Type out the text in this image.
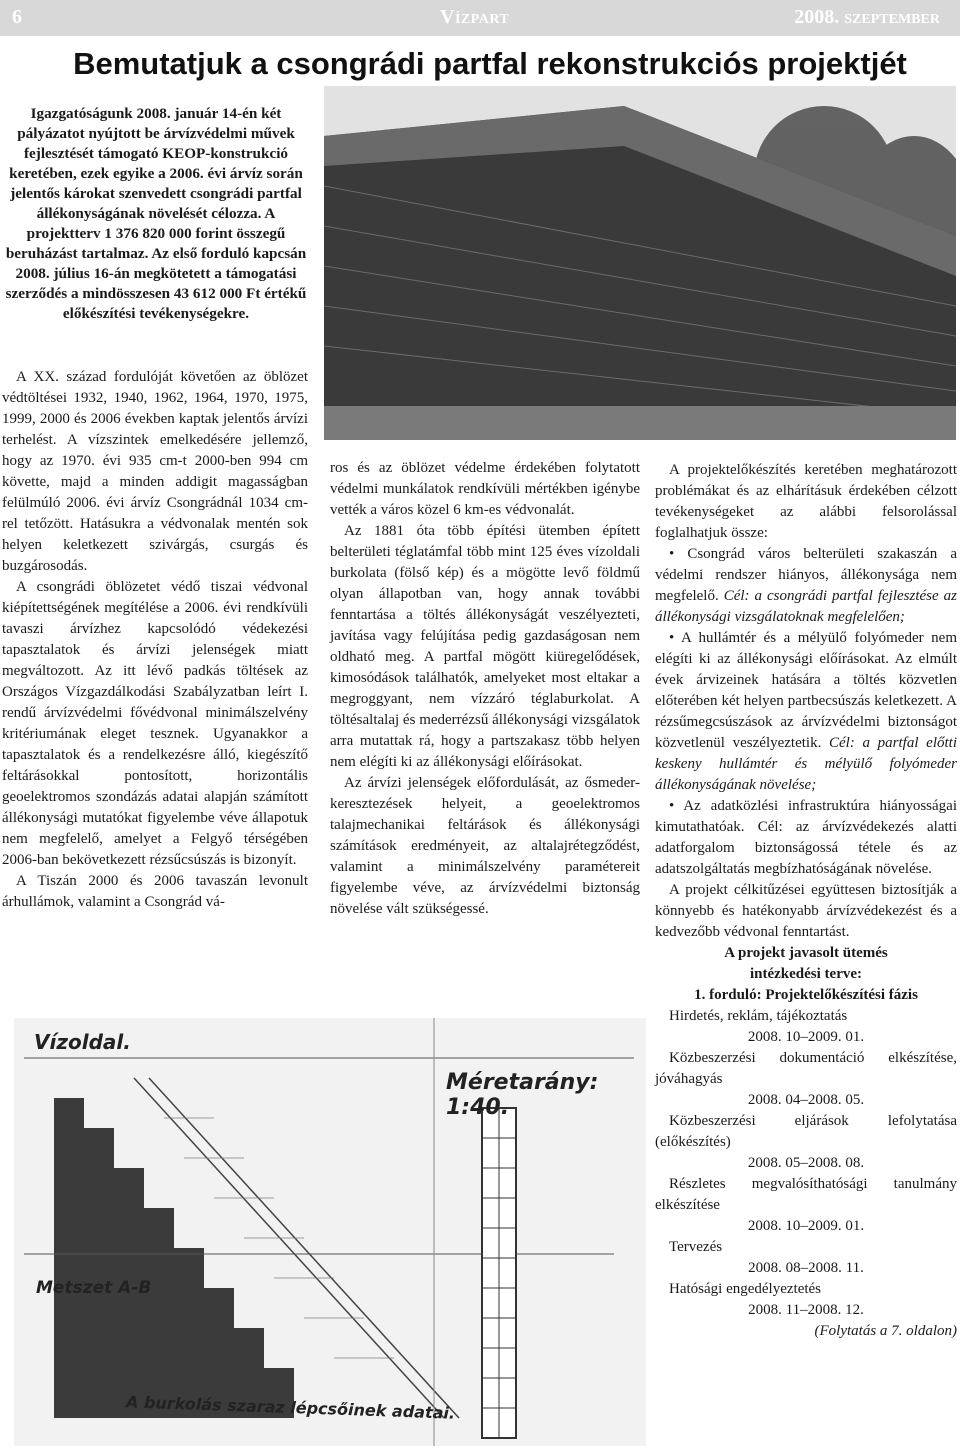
6	Vízpart	2008. szeptember
Bemutatjuk a csongrádi partfal rekonstrukciós projektjét

Igazgatóságunk 2008. január 14-én két pályázatot nyújtott be árvízvédelmi művek fejlesztését támogató KEOP-konstrukció keretében, ezek egyike a 2006. évi árvíz során jelentős károkat szenvedett csongrádi partfal állékonyságának növelését célozza. A projektterv 1 376 820 000 forint összegű beruházást tartalmaz. Az első forduló kapcsán 2008. július 16-án megkötetett a támogatási szerződés a mindösszesen 43 612 000 Ft értékű előkészítési tevékenységekre.

A XX. század fordulóját követően az öblözet védtöltései 1932, 1940, 1962, 1964, 1970, 1975, 1999, 2000 és 2006 években kaptak jelentős árvízi terhelést. A vízszintek emelkedésére jellemző, hogy az 1970. évi 935 cm-t 2000-ben 994 cm követte, majd a minden addigit magasságban felülmúló 2006. évi árvíz Csongrádnál 1034 cm-rel tetőzött. Hatásukra a védvonalak mentén sok helyen keletkezett szivárgás, csurgás és buzgárosodás.

A csongrádi öblözetet védő tiszai védvonal kiépítettségének megítélése a 2006. évi rendkívüli tavaszi árvízhez kapcsolódó védekezési tapasztalatok és árvízi jelenségek miatt megváltozott. Az itt lévő padkás töltések az Országos Vízgazdálkodási Szabályzatban leírt I. rendű árvízvédelmi fővédvonal minimálszelvény kritériumának eleget tesznek. Ugyanakkor a tapasztalatok és a rendelkezésre álló, kiegészítő feltárásokkal pontosított, horizontális geoelektromos szondázás adatai alapján számított állékonysági mutatókat figyelembe véve állapotuk nem megfelelő, amelyet a Felgyő térségében 2006-ban bekövetkezett rézsűcsúszás is bizonyít.

A Tiszán 2000 és 2006 tavaszán levonult árhullámok, valamint a Csongrád vá-

ros és az öblözet védelme érdekében folytatott védelmi munkálatok rendkívüli mértékben igénybe vették a város közel 6 km-es védvonalát.

Az 1881 óta több építési ütemben épített belterületi téglatámfal több mint 125 éves vízoldali burkolata (fölső kép) és a mögötte levő földmű olyan állapotban van, hogy annak további fenntartása a töltés állékonyságát veszélyezteti, javítása vagy felújítása pedig gazdaságosan nem oldható meg. A partfal mögött kiüregelődések, kimosódások találhatók, amelyeket most eltakar a megroggyant, nem vízzáró téglaburkolat. A töltésaltalaj és mederrézsű állékonysági vizsgálatok arra mutattak rá, hogy a partszakasz több helyen nem elégíti ki az állékonysági előírásokat.

Az árvízi jelenségek előfordulását, az ősmeder-keresztezések helyeit, a geoelektromos talajmechanikai feltárások és állékonysági számítások eredményeit, az altalajrétegződést, valamint a minimálszelvény paramétereit figyelembe véve, az árvízvédelmi biztonság növelése vált szükségessé.

A projektelőkészítés keretében meghatározott problémákat és az elhárításuk érdekében célzott tevékenységeket az alábbi felsorolással foglalhatjuk össze:

• Csongrád város belterületi szakaszán a védelmi rendszer hiányos, állékonysága nem megfelelő. Cél: a csongrádi partfal fejlesztése az állékonysági vizsgálatoknak megfelelően;

• A hullámtér és a mélyülő folyómeder nem elégíti ki az állékonysági előírásokat. Az elmúlt évek árvizeinek hatására a töltés közvetlen előterében két helyen partbecsúszás keletkezett. A rézsűmegcsúszások az árvízvédelmi biztonságot közvetlenül veszélyeztetik. Cél: a partfal előtti keskeny hullámtér és mélyülő folyómeder állékonyságának növelése;

• Az adatközlési infrastruktúra hiányosságai kimutathatóak. Cél: az árvízvédekezés alatti adatforgalom biztonságossá tétele és az adatszolgáltatás megbízhatóságának növelése.

A projekt célkitűzései együttesen biztosítják a könnyebb és hatékonyabb árvízvédekezést és a kedvezőbb védvonal fenntartást.

A projekt javasolt ütemés intézkedési terve:

1. forduló: Projektelőkészítési fázis

Hirdetés, reklám, tájékoztatás

2008. 10–2009. 01.

Közbeszerzési dokumentáció elkészítése, jóváhagyás

2008. 04–2008. 05.

Közbeszerzési eljárások lefolytatása (előkészítés)

2008. 05–2008. 08.

Részletes megvalósíthatósági tanulmány elkészítése

2008. 10–2009. 01.

Tervezés

2008. 08–2008. 11.

Hatósági engedélyeztetés

2008. 11–2008. 12.

(Folytatás a 7. oldalon)

Vízoldal.
Méretarány: 1:40.
Metszet A-B
A burkolás szaraz lépcsőinek adatai.
